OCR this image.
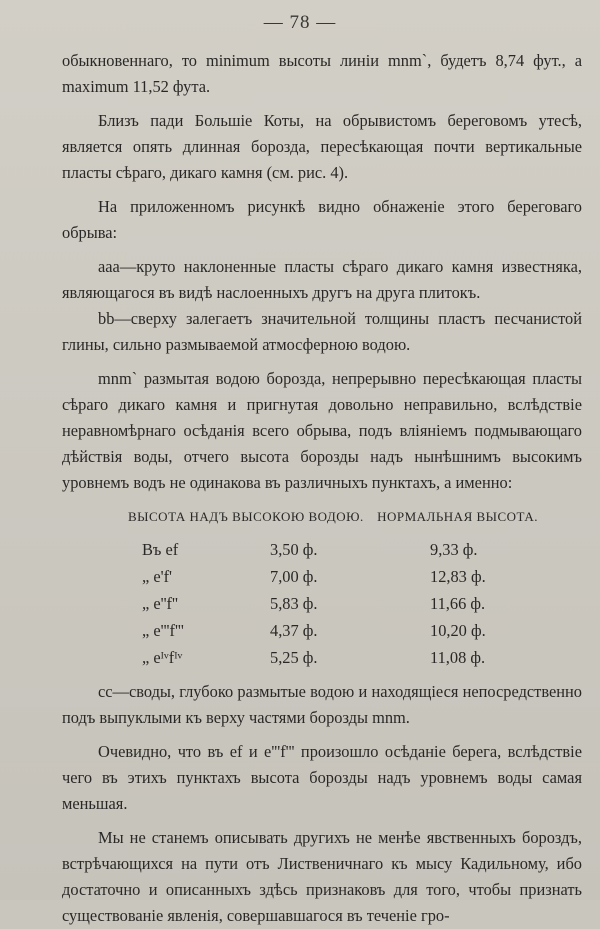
— 78 —

обыкновеннаго, то minimum высоты линіи mnm`, будетъ 8,74 фут., а maximum 11,52 фута.

Близъ пади Большіе Коты, на обрывистомъ береговомъ утесѣ, является опять длинная борозда, пересѣкающая почти вертикальные пласты сѣраго, дикаго камня (см. рис. 4).

На приложенномъ рисункѣ видно обнаженіе этого береговаго обрыва:

aaa—круто наклоненные пласты сѣраго дикаго камня известняка, являющагося въ видѣ наслоенныхъ другъ на друга плитокъ.

bb—сверху залегаетъ значительной толщины пластъ песчанистой глины, сильно размываемой атмосферною водою.

mnm` размытая водою борозда, непрерывно пересѣкающая пласты сѣраго дикаго камня и пригнутая довольно неправильно, вслѣдствіе неравномѣрнаго осѣданія всего обрыва, подъ вліяніемъ подмывающаго дѣйствія воды, отчего высота борозды надъ нынѣшнимъ высокимъ уровнемъ водъ не одинакова въ различныхъ пунктахъ, а именно:

ВЫСОТА НАДЪ ВЫСОКОЮ ВОДОЮ. НОРМАЛЬНАЯ ВЫСОТА.
Въ ef	3,50 ф.	9,33 ф.
„ e'f'	7,00 ф.	12,83 ф.
„ e''f''	5,83 ф.	11,66 ф.
„ e'''f'''	4,37 ф.	10,20 ф.
„ eᴵᵛfᴵᵛ	5,25 ф.	11,08 ф.

cc—своды, глубоко размытые водою и находящіеся непосредственно подъ выпуклыми къ верху частями борозды mnm.

Очевидно, что въ ef и e'''f''' произошло осѣданіе берега, вслѣдствіе чего въ этихъ пунктахъ высота борозды надъ уровнемъ воды самая меньшая.

Мы не станемъ описывать другихъ не менѣе явственныхъ бороздъ, встрѣчающихся на пути отъ Лиственичнаго къ мысу Кадильному, ибо достаточно и описанныхъ здѣсь признаковъ для того, чтобы признать существованіе явленія, совершавшагося въ теченіе гро-
